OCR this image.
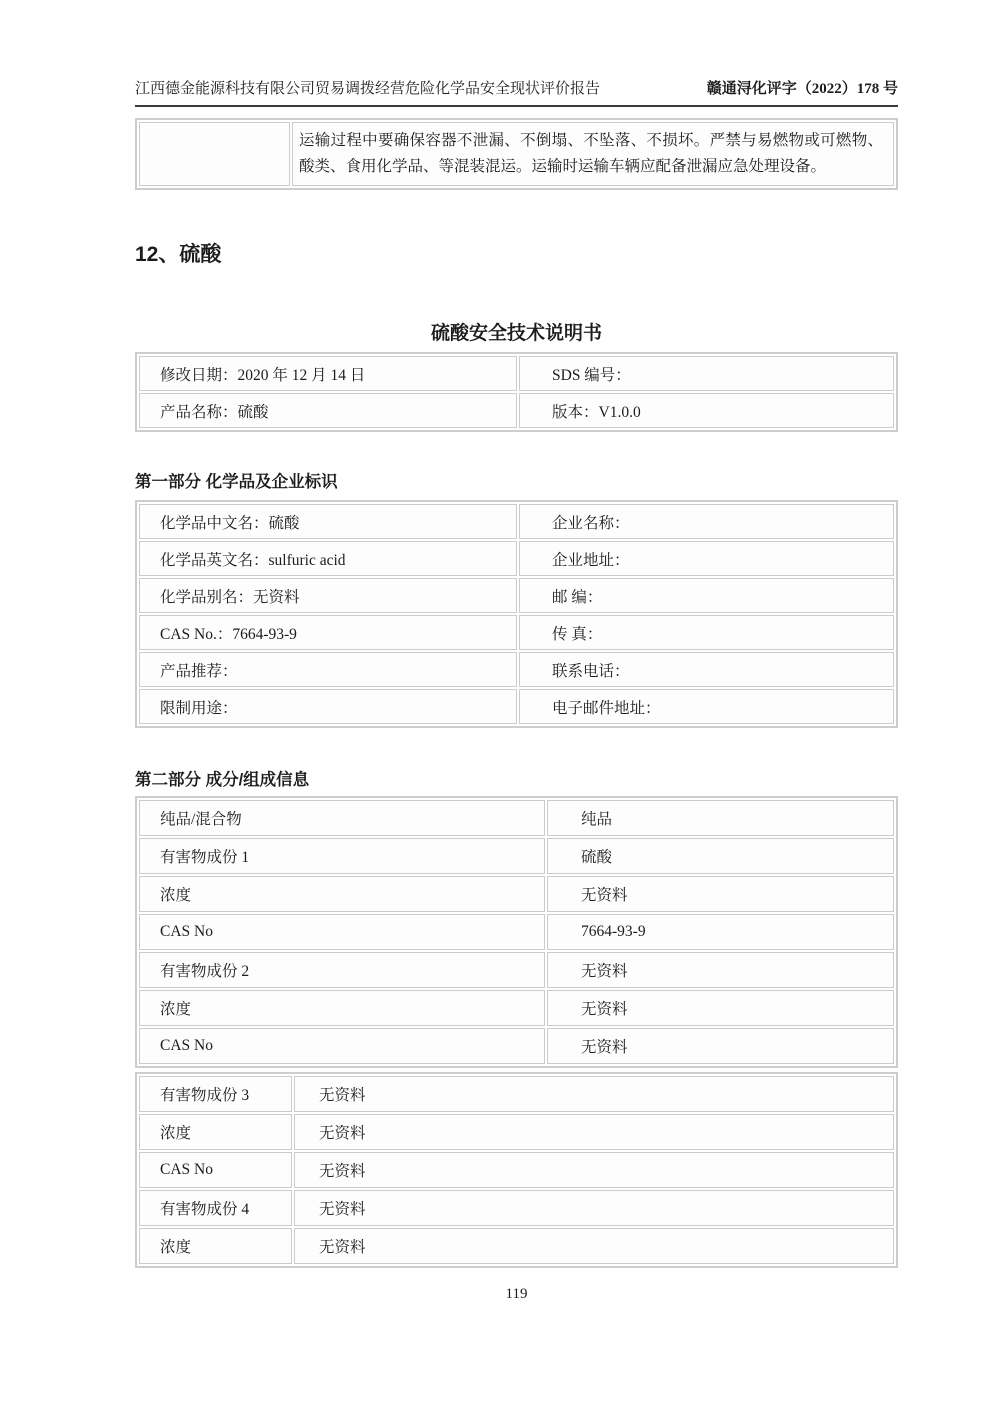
江西德金能源科技有限公司贸易调拨经营危险化学品安全现状评价报告	赣通浔化评字（2022）178 号
	运输过程中要确保容器不泄漏、不倒塌、不坠落、不损坏。严禁与易燃物或可燃物、酸类、食用化学品、等混装混运。运输时运输车辆应配备泄漏应急处理设备。
12、硫酸
硫酸安全技术说明书
修改日期：2020 年 12 月 14 日	SDS 编号：
产品名称：硫酸	版本：V1.0.0
第一部分 化学品及企业标识
化学品中文名：硫酸	企业名称：
化学品英文名：sulfuric acid	企业地址：
化学品别名：无资料	邮 编：
CAS No.：7664-93-9	传 真：
产品推荐：	联系电话：
限制用途：	电子邮件地址：
第二部分 成分/组成信息
纯品/混合物	纯品
有害物成份 1	硫酸
浓度	无资料
CAS No	7664-93-9
有害物成份 2	无资料
浓度	无资料
CAS No	无资料
有害物成份 3	无资料
浓度	无资料
CAS No	无资料
有害物成份 4	无资料
浓度	无资料
119
